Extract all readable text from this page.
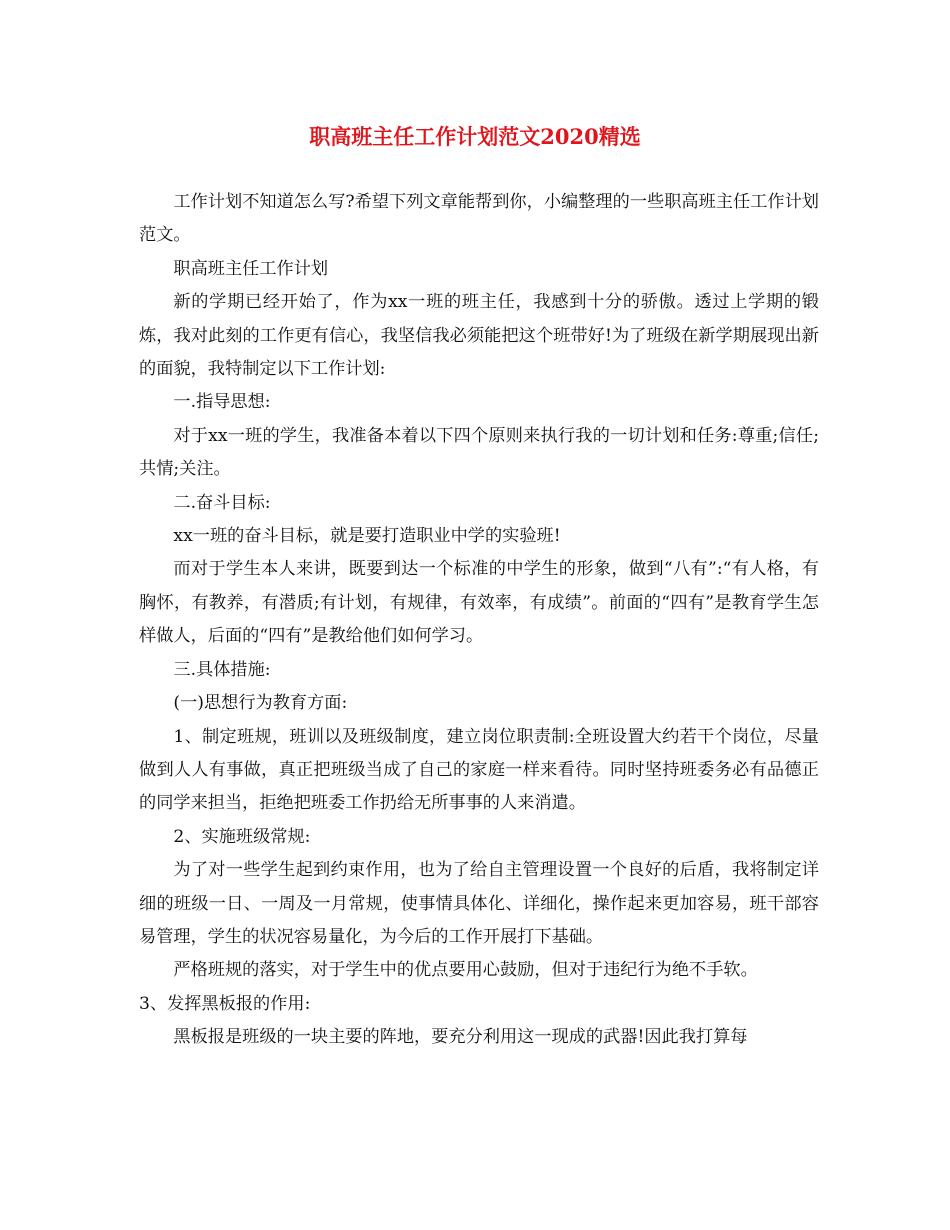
职高班主任工作计划范文2020精选

工作计划不知道怎么写?希望下列文章能帮到你，小编整理的一些职高班主任工作计划范文。

职高班主任工作计划

新的学期已经开始了，作为xx一班的班主任，我感到十分的骄傲。透过上学期的锻炼，我对此刻的工作更有信心，我坚信我必须能把这个班带好!为了班级在新学期展现出新的面貌，我特制定以下工作计划:

一.指导思想:

对于xx一班的学生，我准备本着以下四个原则来执行我的一切计划和任务:尊重;信任;共情;关注。

二.奋斗目标:

xx一班的奋斗目标，就是要打造职业中学的实验班!

而对于学生本人来讲，既要到达一个标准的中学生的形象，做到“八有”:“有人格，有胸怀，有教养，有潜质;有计划，有规律，有效率，有成绩”。前面的“四有”是教育学生怎样做人，后面的“四有”是教给他们如何学习。

三.具体措施:

(一)思想行为教育方面:

1、制定班规，班训以及班级制度，建立岗位职责制:全班设置大约若干个岗位，尽量做到人人有事做，真正把班级当成了自己的家庭一样来看待。同时坚持班委务必有品德正的同学来担当，拒绝把班委工作扔给无所事事的人来消遣。

2、实施班级常规:

为了对一些学生起到约束作用，也为了给自主管理设置一个良好的后盾，我将制定详细的班级一日、一周及一月常规，使事情具体化、详细化，操作起来更加容易，班干部容易管理，学生的状况容易量化，为今后的工作开展打下基础。

严格班规的落实，对于学生中的优点要用心鼓励，但对于违纪行为绝不手软。

3、发挥黑板报的作用:

黑板报是班级的一块主要的阵地，要充分利用这一现成的武器!因此我打算每
